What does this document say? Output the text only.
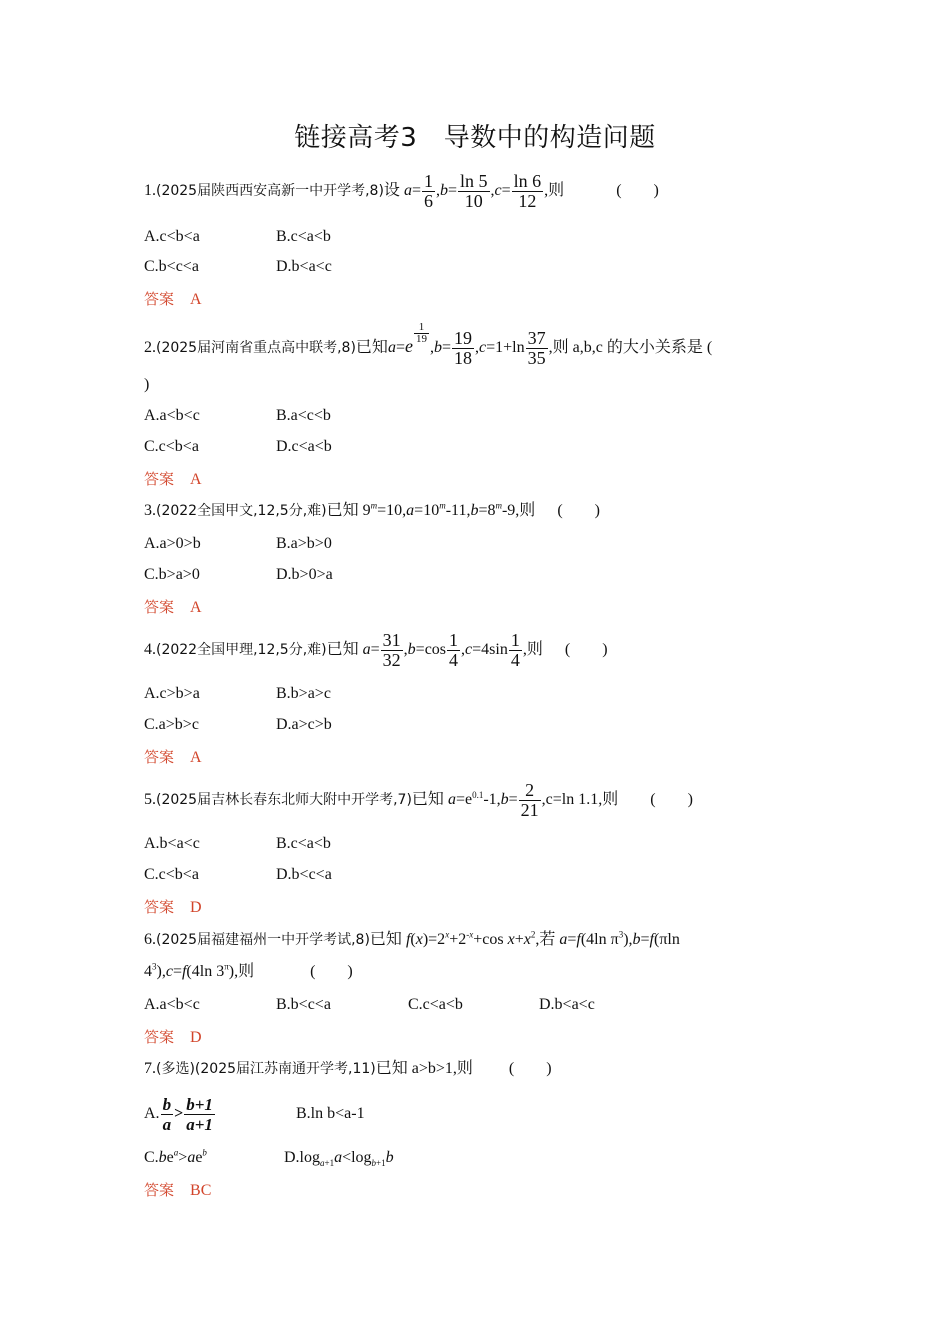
链接高考3　导数中的构造问题
1.(2025届陕西西安高新一中开学考,8)设 $a= \frac{1}{6} ,b= \frac{\ln 5}{10} ,c= \frac{\ln 6}{12}$ ,则	(　　)
A.c<b<a	B.c<a<b
C.b<c<a	D.b<a<c
答案 A
2.(2025届河南省重点高中联考,8)已知a=e
$\frac{1}{19}$
$,b= \frac{19}{18} ,c=1+\ln \frac{37}{35}$ ,则 a,b,c 的大小关系是 (
)
A.a<b<c	B.a<c<b
C.c<b<a	D.c<a<b
答案 A
3.(2022全国甲文,12,5分,难)已知 $9^m=10,a=10^m-11,b=8^m-9$,则 (　　)
A.a>0>b	B.a>b>0
C.b>a>0	D.b>0>a
答案 A
4.(2022全国甲理,12,5分,难)已知 $a= \frac{31}{32} ,b=\cos \frac{1}{4} ,c=4\sin \frac{1}{4}$ ,则 (　　)
A.c>b>a	B.b>a>c
C.a>b>c	D.a>c>b
答案 A
5.(2025届吉林长春东北师大附中开学考,7)已知 $a=e^{0.1}-1,b= \frac{2}{21} ,c=\ln$ 1.1,则 (　　)
A.b<a<c	B.c<a<b
C.c<b<a	D.b<c<a
答案 D
6.(2025届福建福州一中开学考试,8)已知 $f(x)=2^x+2^{-x}+\cos$ $x+x^2$,若 a=f(4ln $\pi^3),b=f(\pi\ln$
$4^3),c=f(4\ln$ $3^\pi$),则	(　　)
A.a<b<c	B.b<c<a	C.c<a<b	D.b<a<c
答案 D
7.(多选)(2025届江苏南通开学考,11)已知 a>b>1,则 (　　)
A. $\frac{b}{a} > \frac{b+1}{a+1}$	B.ln b<a-1
$C.be^a>ae^b$	$D.\log_{a+1}a<\log_{b+1}b$
答案 BC
